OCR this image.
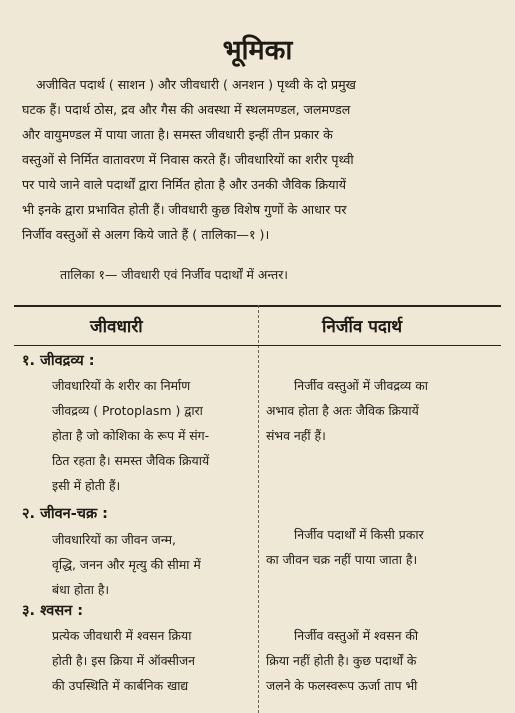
भूमिका
अजीवित पदार्थ ( साशन ) और जीवधारी ( अनशन ) पृथ्वी के दो प्रमुख
घटक हैं। पदार्थ ठोस, द्रव और गैस की अवस्था में स्थलमण्डल, जलमण्डल
और वायुमण्डल में पाया जाता है। समस्त जीवधारी इन्हीं तीन प्रकार के
वस्तुओं से निर्मित वातावरण में निवास करते हैं। जीवधारियों का शरीर पृथ्वी
पर पाये जाने वाले पदार्थों द्वारा निर्मित होता है और उनकी जैविक क्रियायें
भी इनके द्वारा प्रभावित होती हैं। जीवधारी कुछ विशेष गुणों के आधार पर
निर्जीव वस्तुओं से अलग किये जाते हैं ( तालिका—१ )।
तालिका १— जीवधारी एवं निर्जीव पदार्थों में अन्तर।
जीवधारी	निर्जीव पदार्थ
१. जीवद्रव्य :
जीवधारियों के शरीर का निर्माण
जीवद्रव्य ( Protoplasm ) द्वारा
होता है जो कोशिका के रूप में संग-
ठित रहता है। समस्त जैविक क्रियायें
इसी में होती हैं।
निर्जीव वस्तुओं में जीवद्रव्य का
अभाव होता है अतः जैविक क्रियायें
संभव नहीं हैं।
२. जीवन-चक्र :
जीवधारियों का जीवन जन्म,
वृद्धि, जनन और मृत्यु की सीमा में
बंधा होता है।
निर्जीव पदार्थों में किसी प्रकार
का जीवन चक्र नहीं पाया जाता है।
३. श्वसन :
प्रत्येक जीवधारी में श्वसन क्रिया
होती है। इस क्रिया में ऑक्सीजन
की उपस्थिति में कार्बनिक खाद्य
निर्जीव वस्तुओं में श्वसन की
क्रिया नहीं होती है। कुछ पदार्थों के
जलने के फलस्वरूप ऊर्जा ताप भी
